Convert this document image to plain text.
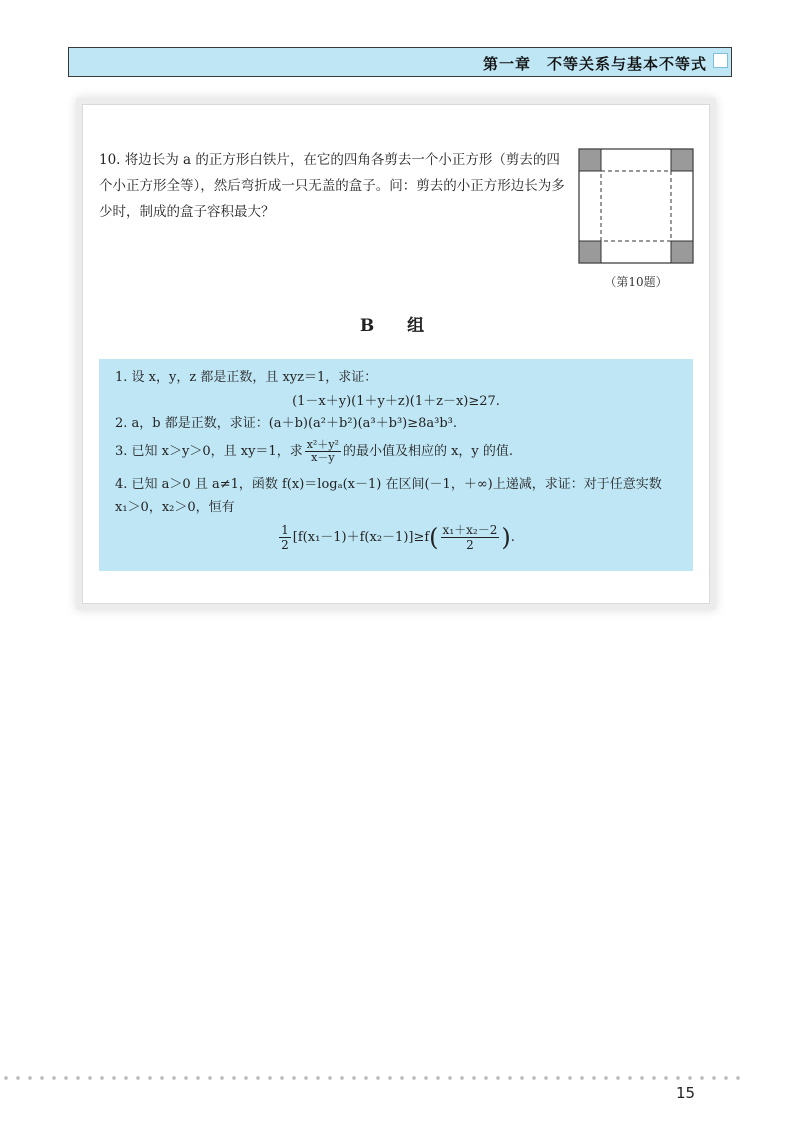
第一章　不等关系与基本不等式
10. 将边长为 a 的正方形白铁片，在它的四角各剪去一个小正方形（剪去的四个小正方形全等），然后弯折成一只无盖的盒子。问：剪去的小正方形边长为多少时，制成的盒子容积最大？
（第10题）
B　组
1. 设 x，y，z 都是正数，且 xyz＝1，求证：
(1－x＋y)(1＋y＋z)(1＋z－x)≥27.
2. a，b 都是正数，求证：(a＋b)(a²＋b²)(a³＋b³)≥8a³b³.
3. 已知 x＞y＞0，且 xy＝1，求 $\frac{\text{x²＋y²}}{x-y}$ 的最小值及相应的 x，y 的值.
4. 已知 a＞0 且 a≠1，函数 f(x)＝logₐ(x－1) 在区间(－1，＋∞)上递减，求证：对于任意实数
x₁＞0，x₂＞0，恒有
$\frac{1}{2} [f(x_1-1)+f(x_2-1)]\ge f( \frac{\text{x₁＋x₂－2}}{2}$ ).
15
